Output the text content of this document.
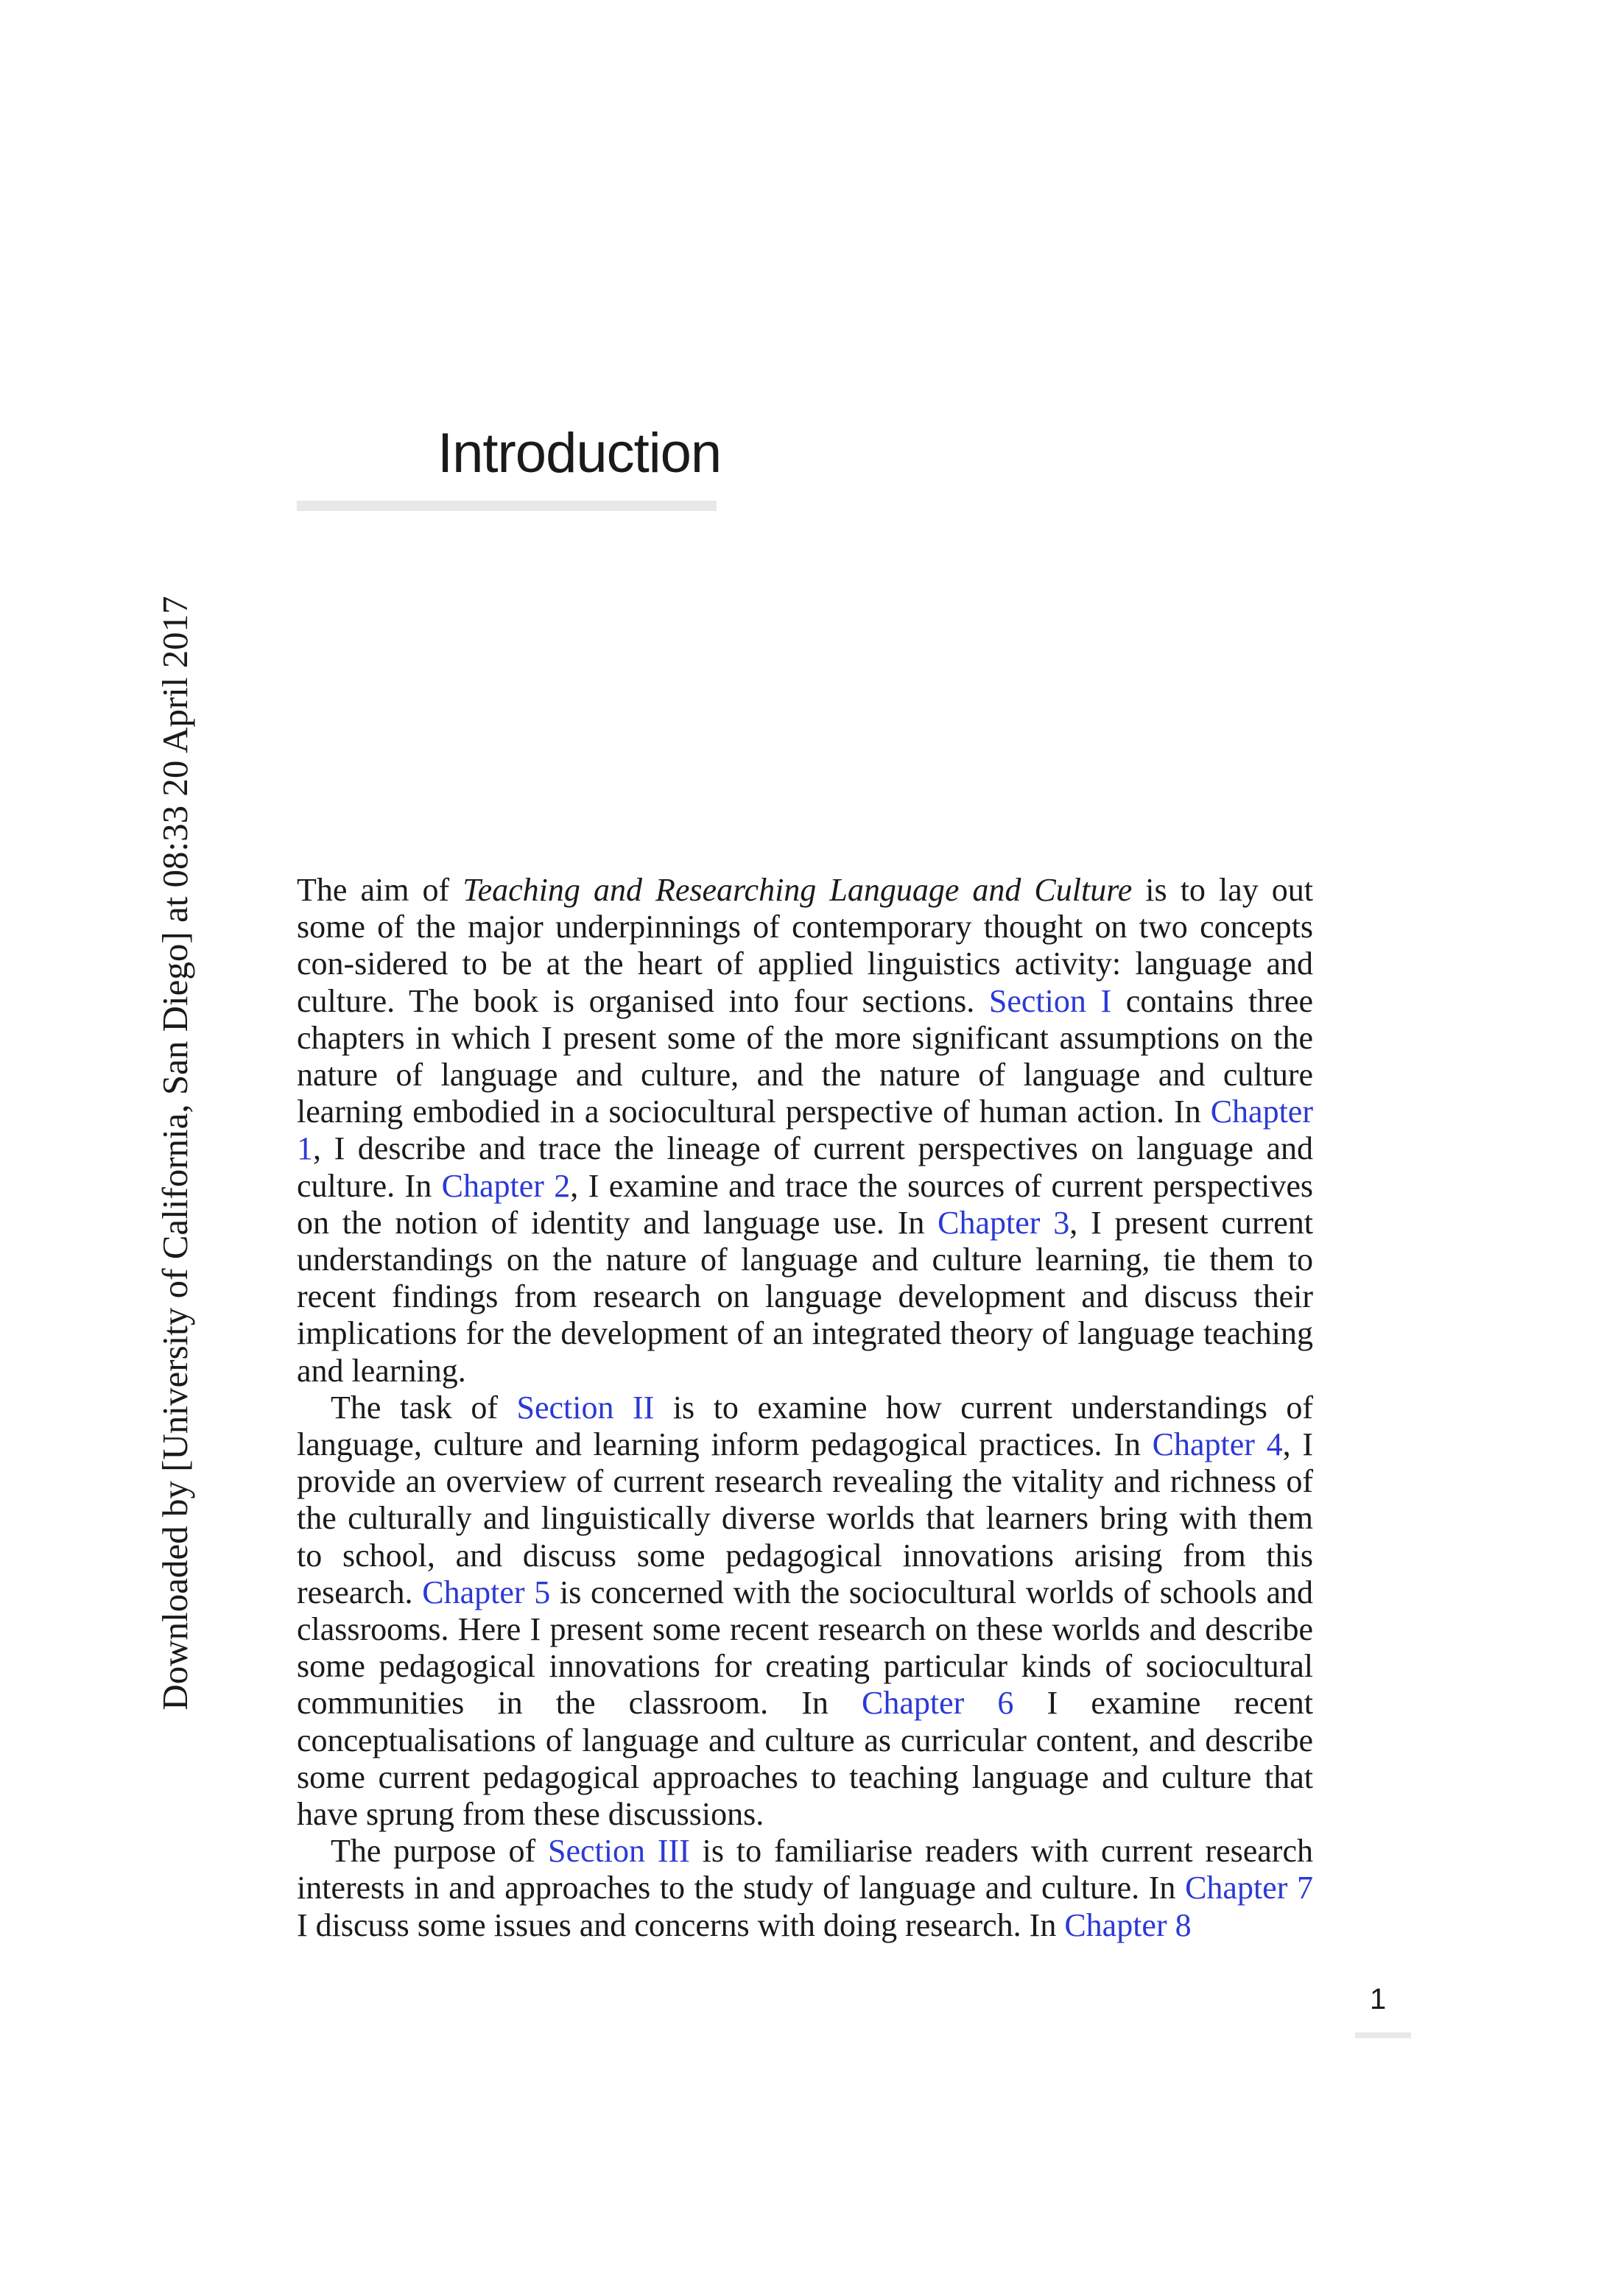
Downloaded by [University of California, San Diego] at 08:33 20 April 2017
Introduction

The aim of Teaching and Researching Language and Culture is to lay out some of the major underpinnings of contemporary thought on two concepts con-sidered to be at the heart of applied linguistics activity: language and culture. The book is organised into four sections. Section I contains three chapters in which I present some of the more significant assumptions on the nature of language and culture, and the nature of language and culture learning embodied in a sociocultural perspective of human action. In Chapter 1, I describe and trace the lineage of current perspectives on language and culture. In Chapter 2, I examine and trace the sources of current perspectives on the notion of identity and language use. In Chapter 3, I present current understandings on the nature of language and culture learning, tie them to recent findings from research on language development and discuss their implications for the development of an integrated theory of language teaching and learning.

The task of Section II is to examine how current understandings of language, culture and learning inform pedagogical practices. In Chapter 4, I provide an overview of current research revealing the vitality and richness of the culturally and linguistically diverse worlds that learners bring with them to school, and discuss some pedagogical innovations arising from this research. Chapter 5 is concerned with the sociocultural worlds of schools and classrooms. Here I present some recent research on these worlds and describe some pedagogical innovations for creating particular kinds of sociocultural communities in the classroom. In Chapter 6 I examine recent conceptualisations of language and culture as curricular content, and describe some current pedagogical approaches to teaching language and culture that have sprung from these discussions.

The purpose of Section III is to familiarise readers with current research interests in and approaches to the study of language and culture. In Chapter 7 I discuss some issues and concerns with doing research. In Chapter 8

1
